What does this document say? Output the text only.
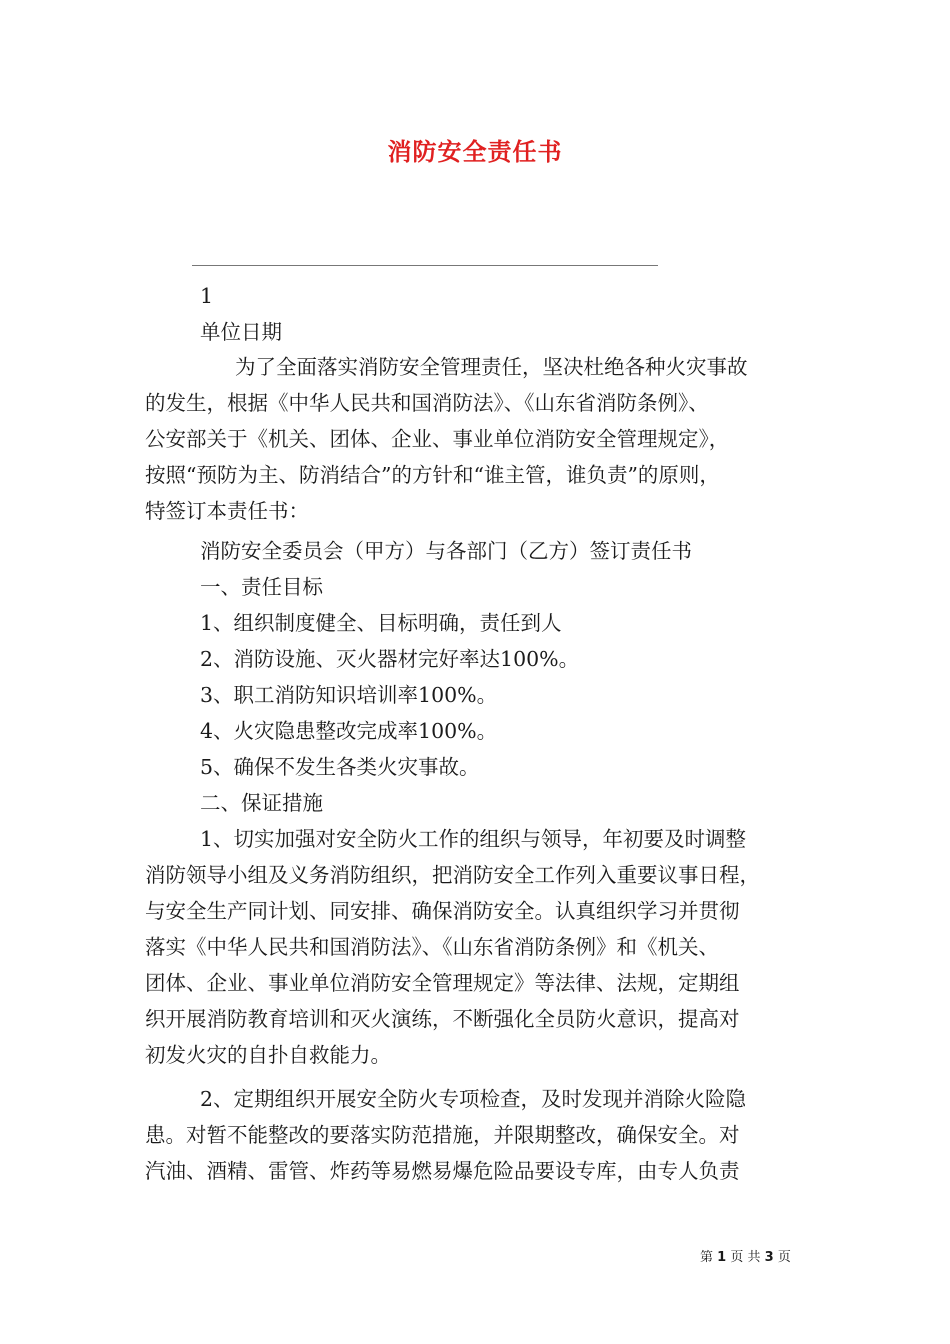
消防安全责任书
1
单位日期
为了全面落实消防安全管理责任，坚决杜绝各种火灾事故
的发生，根据《中华人民共和国消防法》、《山东省消防条例》、
公安部关于《机关、团体、企业、事业单位消防安全管理规定》，
按照“预防为主、防消结合”的方针和“谁主管，谁负责”的原则，
特签订本责任书：
消防安全委员会（甲方）与各部门（乙方）签订责任书
一、责任目标
1、组织制度健全、目标明确，责任到人
2、消防设施、灭火器材完好率达100%。
3、职工消防知识培训率100%。
4、火灾隐患整改完成率100%。
5、确保不发生各类火灾事故。
二、保证措施
1、切实加强对安全防火工作的组织与领导，年初要及时调整
消防领导小组及义务消防组织，把消防安全工作列入重要议事日程，
与安全生产同计划、同安排、确保消防安全。认真组织学习并贯彻
落实《中华人民共和国消防法》、《山东省消防条例》和《机关、
团体、企业、事业单位消防安全管理规定》等法律、法规，定期组
织开展消防教育培训和灭火演练，不断强化全员防火意识，提高对
初发火灾的自扑自救能力。
2、定期组织开展安全防火专项检查，及时发现并消除火险隐
患。对暂不能整改的要落实防范措施，并限期整改，确保安全。对
汽油、酒精、雷管、炸药等易燃易爆危险品要设专库，由专人负责
第 1 页 共 3 页
